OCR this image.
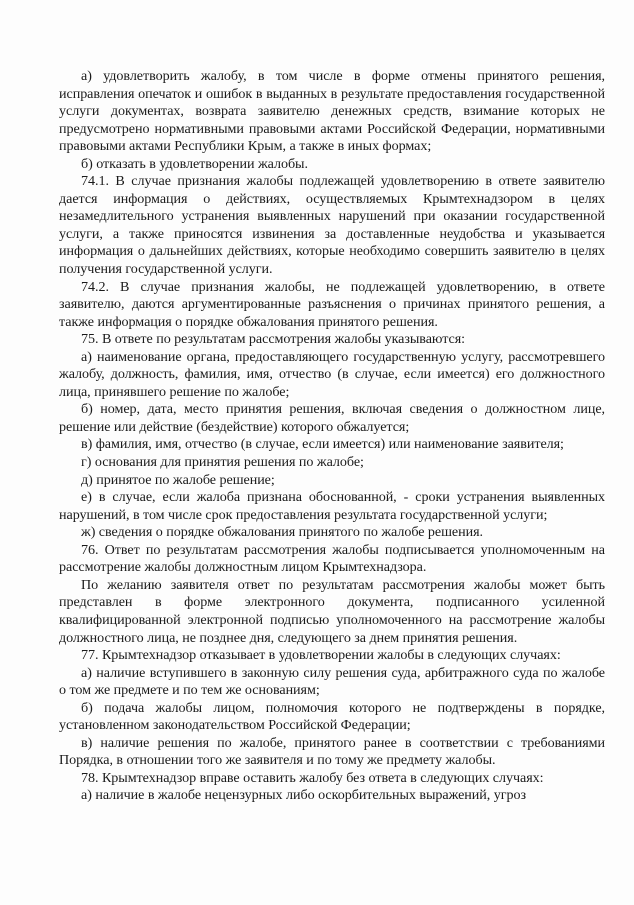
а) удовлетворить жалобу, в том числе в форме отмены принятого решения, исправления опечаток и ошибок в выданных в результате предоставления государственной услуги документах, возврата заявителю денежных средств, взимание которых не предусмотрено нормативными правовыми актами Российской Федерации, нормативными правовыми актами Республики Крым, а также в иных формах;

б) отказать в удовлетворении жалобы.

74.1. В случае признания жалобы подлежащей удовлетворению в ответе заявителю дается информация о действиях, осуществляемых Крымтехнадзором в целях незамедлительного устранения выявленных нарушений при оказании государственной услуги, а также приносятся извинения за доставленные неудобства и указывается информация о дальнейших действиях, которые необходимо совершить заявителю в целях получения государственной услуги.

74.2. В случае признания жалобы, не подлежащей удовлетворению, в ответе заявителю, даются аргументированные разъяснения о причинах принятого решения, а также информация о порядке обжалования принятого решения.

75. В ответе по результатам рассмотрения жалобы указываются:

а) наименование органа, предоставляющего государственную услугу, рассмотревшего жалобу, должность, фамилия, имя, отчество (в случае, если имеется) его должностного лица, принявшего решение по жалобе;

б) номер, дата, место принятия решения, включая сведения о должностном лице, решение или действие (бездействие) которого обжалуется;

в) фамилия, имя, отчество (в случае, если имеется) или наименование заявителя;

г) основания для принятия решения по жалобе;

д) принятое по жалобе решение;

е) в случае, если жалоба признана обоснованной, - сроки устранения выявленных нарушений, в том числе срок предоставления результата государственной услуги;

ж) сведения о порядке обжалования принятого по жалобе решения.

76. Ответ по результатам рассмотрения жалобы подписывается уполномоченным на рассмотрение жалобы должностным лицом Крымтехнадзора.

По желанию заявителя ответ по результатам рассмотрения жалобы может быть представлен в форме электронного документа, подписанного усиленной квалифицированной электронной подписью уполномоченного на рассмотрение жалобы должностного лица, не позднее дня, следующего за днем принятия решения.

77. Крымтехнадзор отказывает в удовлетворении жалобы в следующих случаях:

а) наличие вступившего в законную силу решения суда, арбитражного суда по жалобе о том же предмете и по тем же основаниям;

б) подача жалобы лицом, полномочия которого не подтверждены в порядке, установленном законодательством Российской Федерации;

в) наличие решения по жалобе, принятого ранее в соответствии с требованиями Порядка, в отношении того же заявителя и по тому же предмету жалобы.

78. Крымтехнадзор вправе оставить жалобу без ответа в следующих случаях:

а) наличие в жалобе нецензурных либо оскорбительных выражений, угроз
